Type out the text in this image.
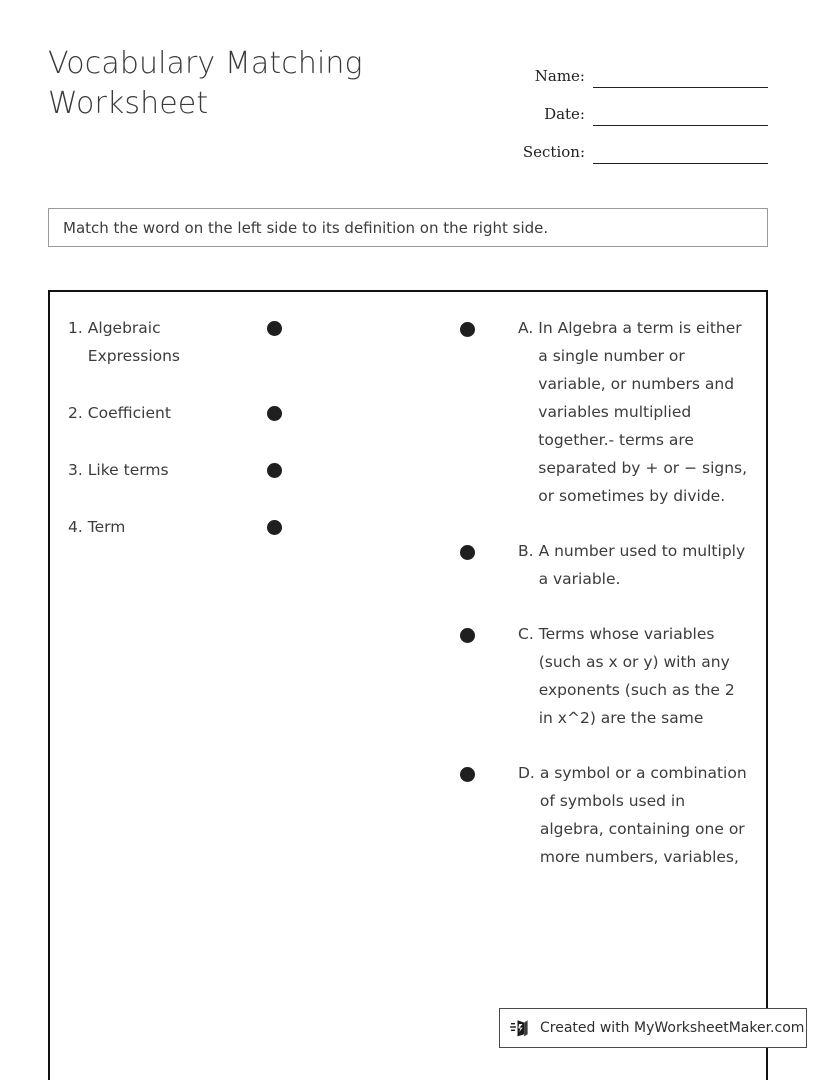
Vocabulary Matching Worksheet
Name:
Date:
Section:
Match the word on the left side to its definition on the right side.
1. Algebraic Expressions
2. Coefficient
3. Like terms
4. Term
A. In Algebra a term is either a single number or variable, or numbers and variables multiplied together.- terms are separated by + or − signs, or sometimes by divide.
B. A number used to multiply a variable.
C. Terms whose variables (such as x or y) with any exponents (such as the 2 in x^2) are the same
D. a symbol or a combination of symbols used in algebra, containing one or more numbers, variables,
Created with MyWorksheetMaker.com
